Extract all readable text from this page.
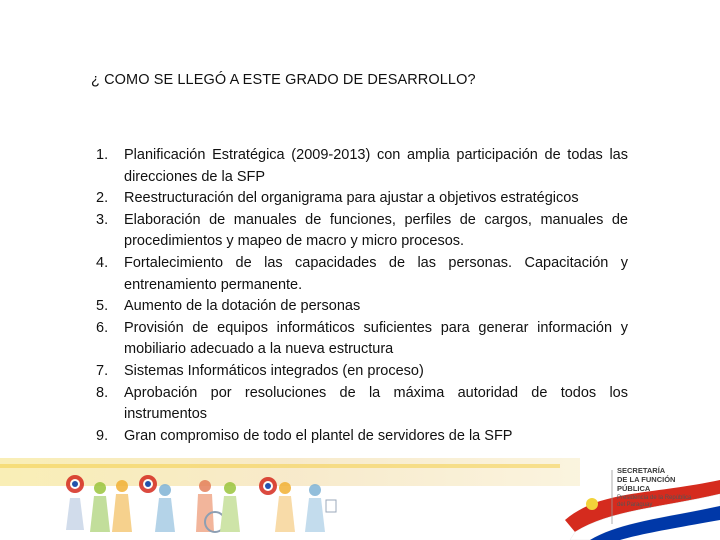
¿ COMO SE LLEGÓ A ESTE GRADO DE DESARROLLO?
1. Planificación Estratégica (2009-2013) con amplia participación de todas las direcciones de la SFP
2. Reestructuración del organigrama para ajustar a objetivos estratégicos
3. Elaboración de manuales de funciones, perfiles de cargos, manuales de procedimientos y mapeo de macro y micro procesos.
4. Fortalecimiento de las capacidades de las personas. Capacitación y entrenamiento permanente.
5. Aumento de la dotación de personas
6. Provisión de equipos informáticos suficientes para generar información y mobiliario adecuado a la nueva estructura
7. Sistemas Informáticos integrados (en proceso)
8. Aprobación por resoluciones de la máxima autoridad de todos los instrumentos
9. Gran compromiso de todo el plantel de servidores de la SFP
SECRETARÍA
DE LA FUNCIÓN
PÚBLICA
Presidencia de la República
del Paraguay
